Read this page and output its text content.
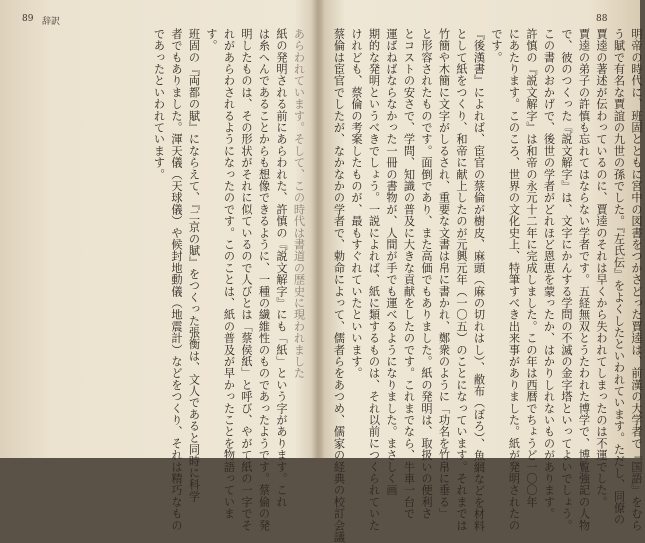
89 辞訳	88
あらわれています。そして、この時代は書道の歴史に現われました
紙の発明される前にあらわれた、許慎の『説文解字』にも「紙」という字があります。これ
は糸へんであることからも想像できるように、一種の繊維性のものであったようです。蔡倫の発
明したものは、その形状がそれに似ているので人びとは「蔡侯紙」と呼び、やがて紙の一字でそ
れがあらわされるようになったのです。このことは、紙の普及が早かったことを物語っていま
す。
班固の『両都の賦』にならえて、『二京の賦』をつくった張衡は、文人であると同時に科学
者でもありました。渾天儀（天球儀）や候封地動儀（地震計）などをつくり、それは精巧なもの
であったといわれています。	明帝の時代に、班固とともに宮中の図書をつかさどった賈逵は、前漢の大学者で『国語』をむら
う賦で有名な賈誼の九世の孫でした。『左氏伝』をよくしたといわれています。ただし、同僚の
賈逵の著述が伝わっているのに、賈逵のそれは早くから失われてしまったのは不運でした。
賈逵の弟子の許慎も忘れてはならない学者です。五経無双とうたわれた博学で、博覧強記の人物
で、彼のつくった『説文解字』は、文字にかんする学問の不滅の金字塔といってよいでしょう。
この書のおかげで、後世の学者がどれほど恩恵を蒙ったか、はかりしれないものがあります。
許慎の『説文解字』は和帝の永元十二年に完成しました。この年は西暦でちょうど一〇〇年
にあたります。このころ、世界の文化史上、特筆すべき出来事がありました。紙が発明されたの
です。
『後漢書』によれば、宦官の蔡倫が樹皮、麻頭（麻の切れはし）、敝布（ぼろ）、魚網などを材料
として紙をつくり、和帝に献上したのが元興元年（一〇五）のことになっています。それまでは
竹簡や木簡に文字がしるされ、重要な文書は帛に書かれ、鄭衆のように「功名を竹帛に垂る」
と形容されたものです。面倒であり、また高価でもありました。紙の発明は、取扱いの便利さ
とコストの安さで、学問、知識の普及に大きな貢献をしたのです。これまでなら、牛車一台で
運ばねばならなかった一冊の書物が、人間が手でも運べるようになりました。まさしく画
期的な発明というべきでしょう。一説によれば、紙に類するものは、それ以前につくられていた
けれども、蔡倫の考案したものが、最もすぐれていたといいます。
蔡倫は宦官でしたが、なかなかの学者で、勅命によって、儒者らをあつめ、儒家の経典の校訂会議
